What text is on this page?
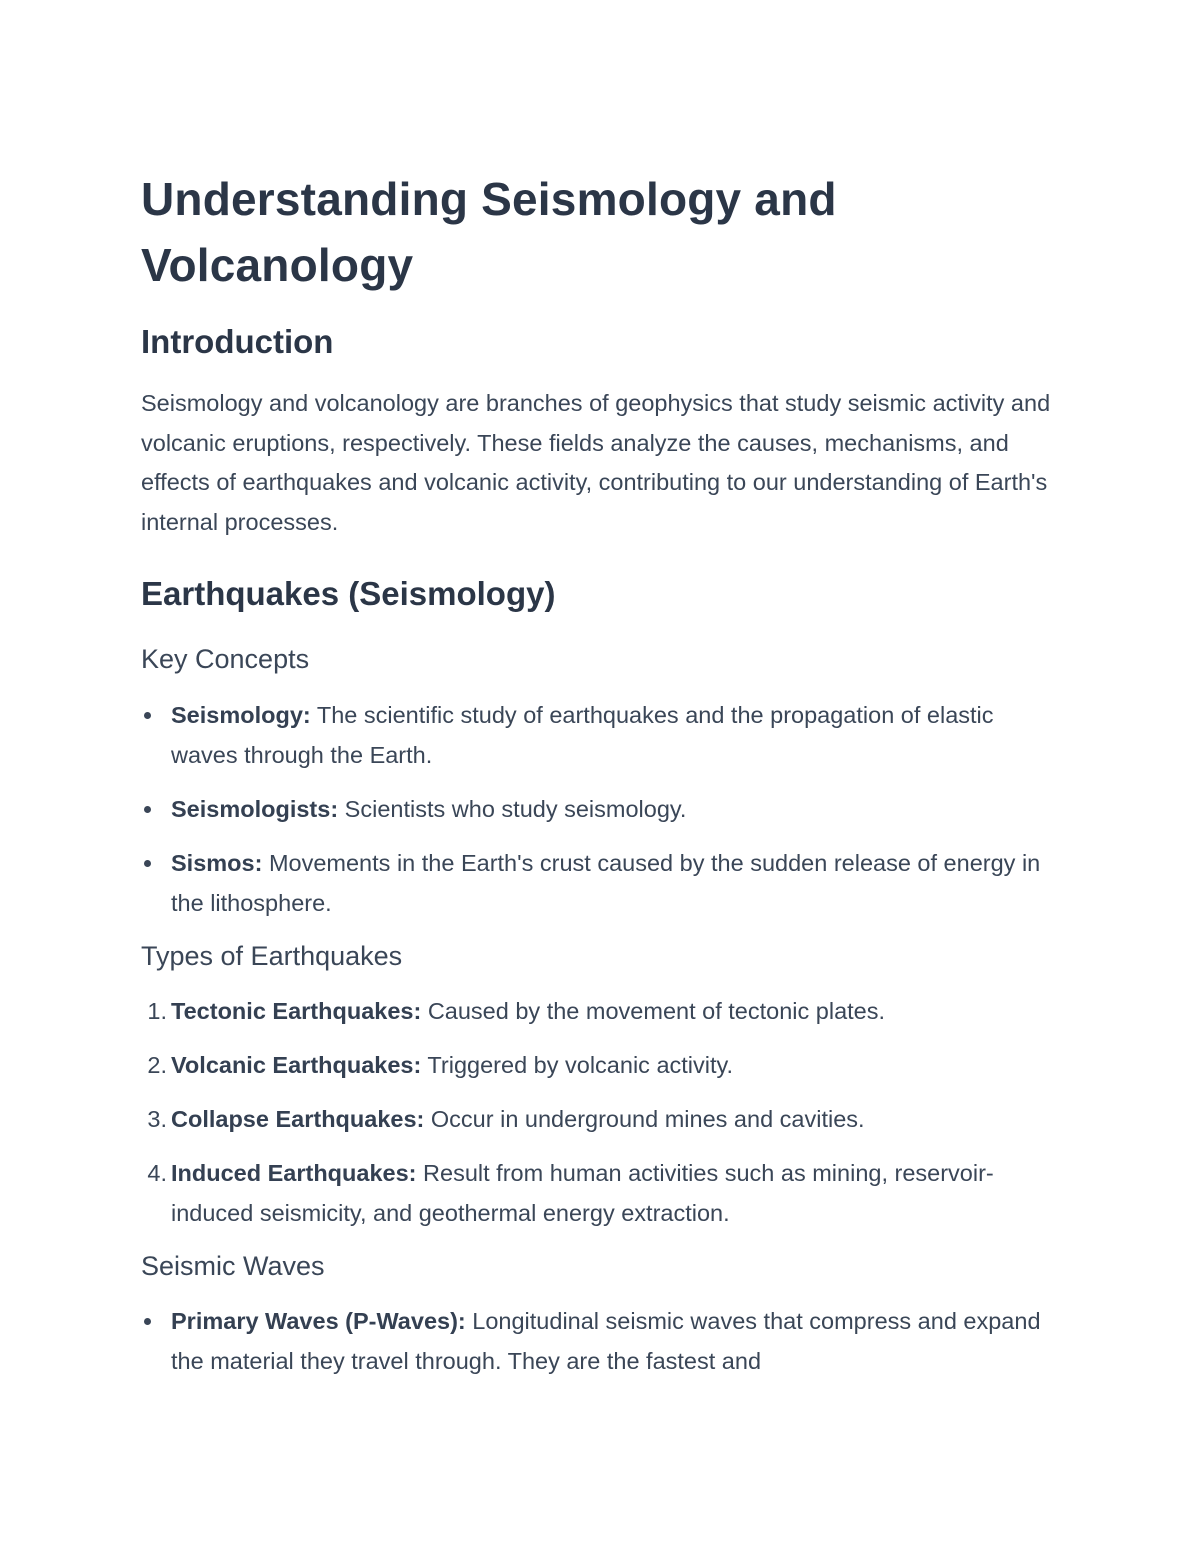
Understanding Seismology and Volcanology
Introduction

Seismology and volcanology are branches of geophysics that study seismic activity and volcanic eruptions, respectively. These fields analyze the causes, mechanisms, and effects of earthquakes and volcanic activity, contributing to our understanding of Earth's internal processes.

Earthquakes (Seismology)
Key Concepts
Seismology: The scientific study of earthquakes and the propagation of elastic waves through the Earth.
Seismologists: Scientists who study seismology.
Sismos: Movements in the Earth's crust caused by the sudden release of energy in the lithosphere.
Types of Earthquakes
1. Tectonic Earthquakes: Caused by the movement of tectonic plates.
2. Volcanic Earthquakes: Triggered by volcanic activity.
3. Collapse Earthquakes: Occur in underground mines and cavities.
4. Induced Earthquakes: Result from human activities such as mining, reservoir-induced seismicity, and geothermal energy extraction.
Seismic Waves
Primary Waves (P-Waves): Longitudinal seismic waves that compress and expand the material they travel through. They are the fastest and
